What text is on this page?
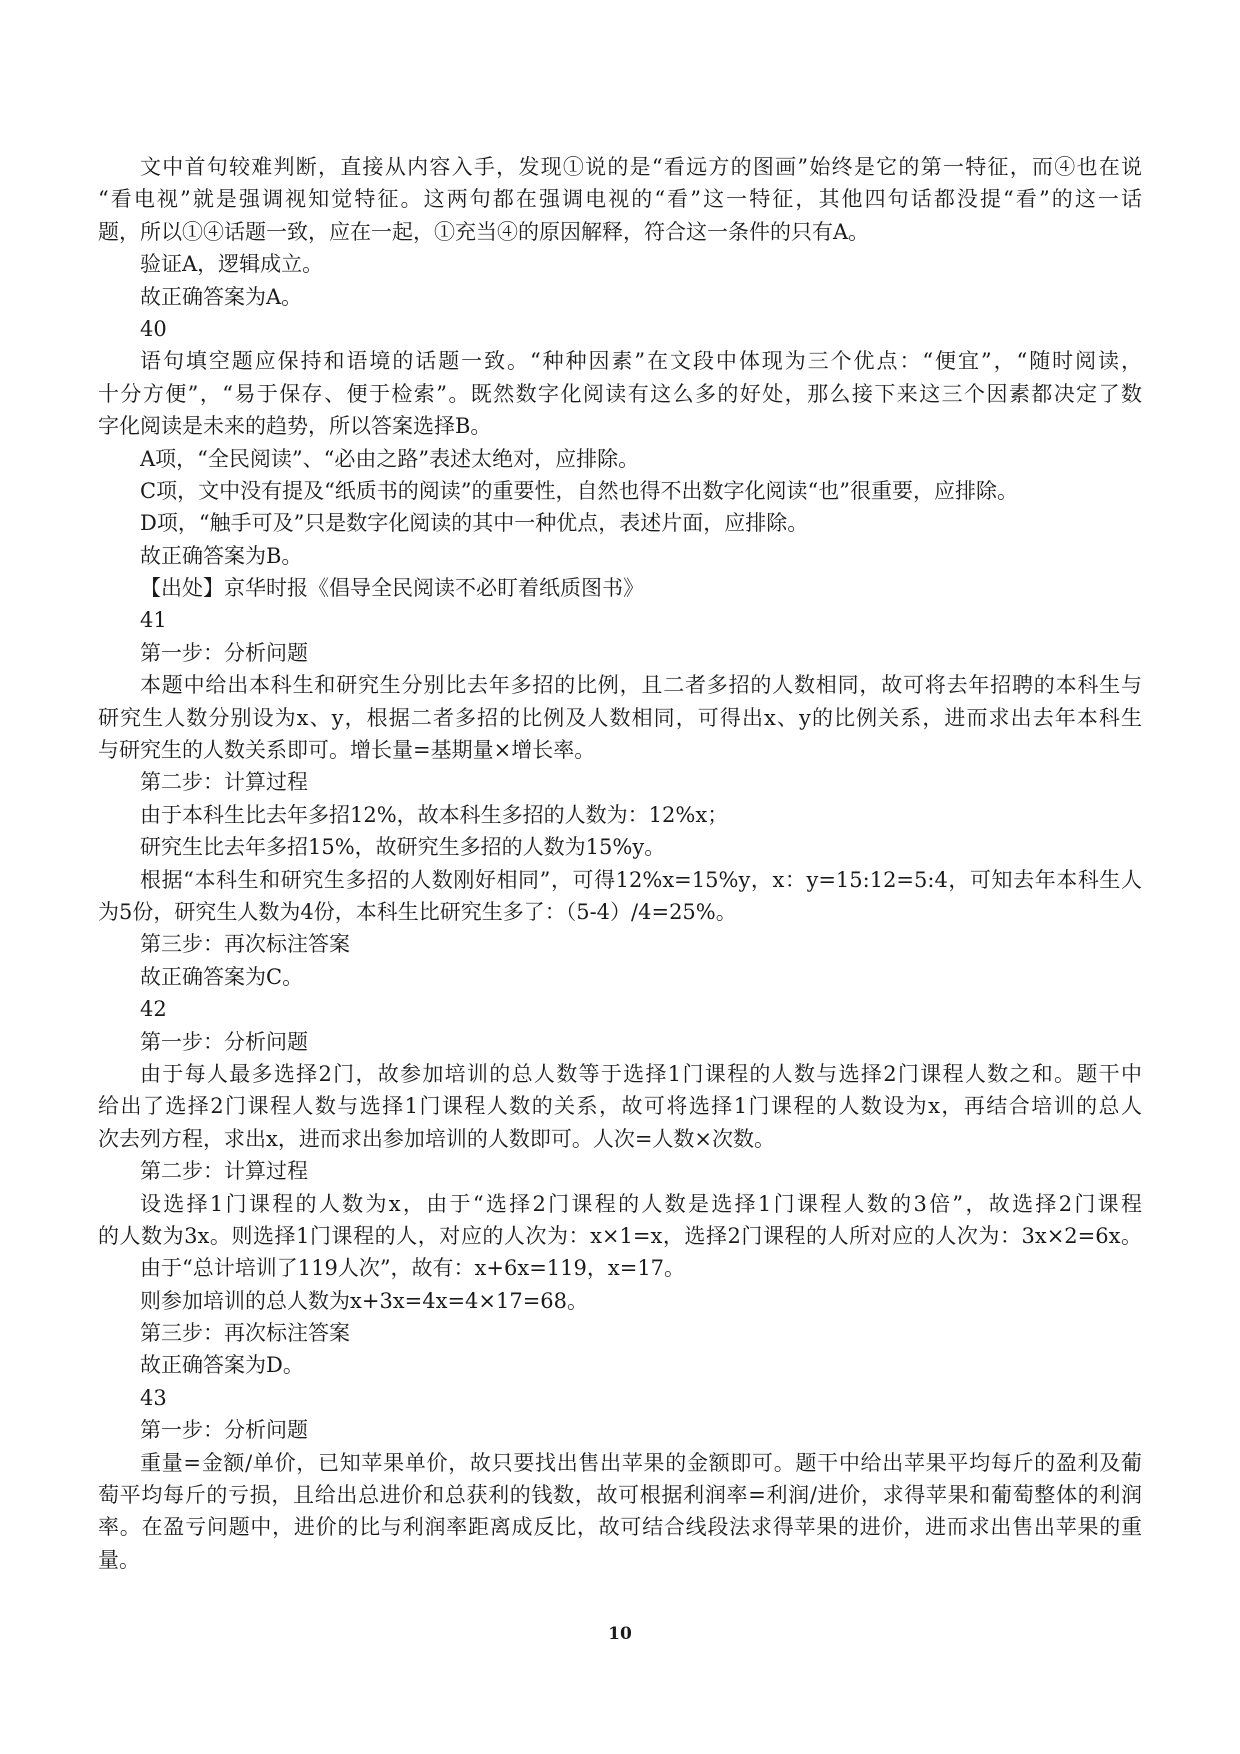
文中首句较难判断，直接从内容入手，发现①说的是“看远方的图画”始终是它的第一特征，而④也在说
“看电视”就是强调视知觉特征。这两句都在强调电视的“看”这一特征，其他四句话都没提“看”的这一话
题，所以①④话题一致，应在一起，①充当④的原因解释，符合这一条件的只有A。
验证A，逻辑成立。
故正确答案为A。
40
语句填空题应保持和语境的话题一致。“种种因素”在文段中体现为三个优点：“便宜”，“随时阅读，
十分方便”，“易于保存、便于检索”。既然数字化阅读有这么多的好处，那么接下来这三个因素都决定了数
字化阅读是未来的趋势，所以答案选择B。
A项，“全民阅读”、“必由之路”表述太绝对，应排除。
C项，文中没有提及“纸质书的阅读”的重要性，自然也得不出数字化阅读“也”很重要，应排除。
D项，“触手可及”只是数字化阅读的其中一种优点，表述片面，应排除。
故正确答案为B。
【出处】京华时报《倡导全民阅读不必盯着纸质图书》
41
第一步：分析问题
本题中给出本科生和研究生分别比去年多招的比例，且二者多招的人数相同，故可将去年招聘的本科生与
研究生人数分别设为x、y，根据二者多招的比例及人数相同，可得出x、y的比例关系，进而求出去年本科生
与研究生的人数关系即可。增长量=基期量×增长率。
第二步：计算过程
由于本科生比去年多招12%，故本科生多招的人数为：12%x；
研究生比去年多招15%，故研究生多招的人数为15%y。
根据“本科生和研究生多招的人数刚好相同”，可得12%x=15%y，x：y=15:12=5:4，可知去年本科生人
为5份，研究生人数为4份，本科生比研究生多了：（5-4）/4=25%。
第三步：再次标注答案
故正确答案为C。
42
第一步：分析问题
由于每人最多选择2门，故参加培训的总人数等于选择1门课程的人数与选择2门课程人数之和。题干中
给出了选择2门课程人数与选择1门课程人数的关系，故可将选择1门课程的人数设为x，再结合培训的总人
次去列方程，求出x，进而求出参加培训的人数即可。人次=人数×次数。
第二步：计算过程
设选择1门课程的人数为x，由于“选择2门课程的人数是选择1门课程人数的3倍”，故选择2门课程
的人数为3x。则选择1门课程的人，对应的人次为：x×1=x，选择2门课程的人所对应的人次为：3x×2=6x。
由于“总计培训了119人次”，故有：x+6x=119，x=17。
则参加培训的总人数为x+3x=4x=4×17=68。
第三步：再次标注答案
故正确答案为D。
43
第一步：分析问题
重量=金额/单价，已知苹果单价，故只要找出售出苹果的金额即可。题干中给出苹果平均每斤的盈利及葡
萄平均每斤的亏损，且给出总进价和总获利的钱数，故可根据利润率=利润/进价，求得苹果和葡萄整体的利润
率。在盈亏问题中，进价的比与利润率距离成反比，故可结合线段法求得苹果的进价，进而求出售出苹果的重
量。
10
